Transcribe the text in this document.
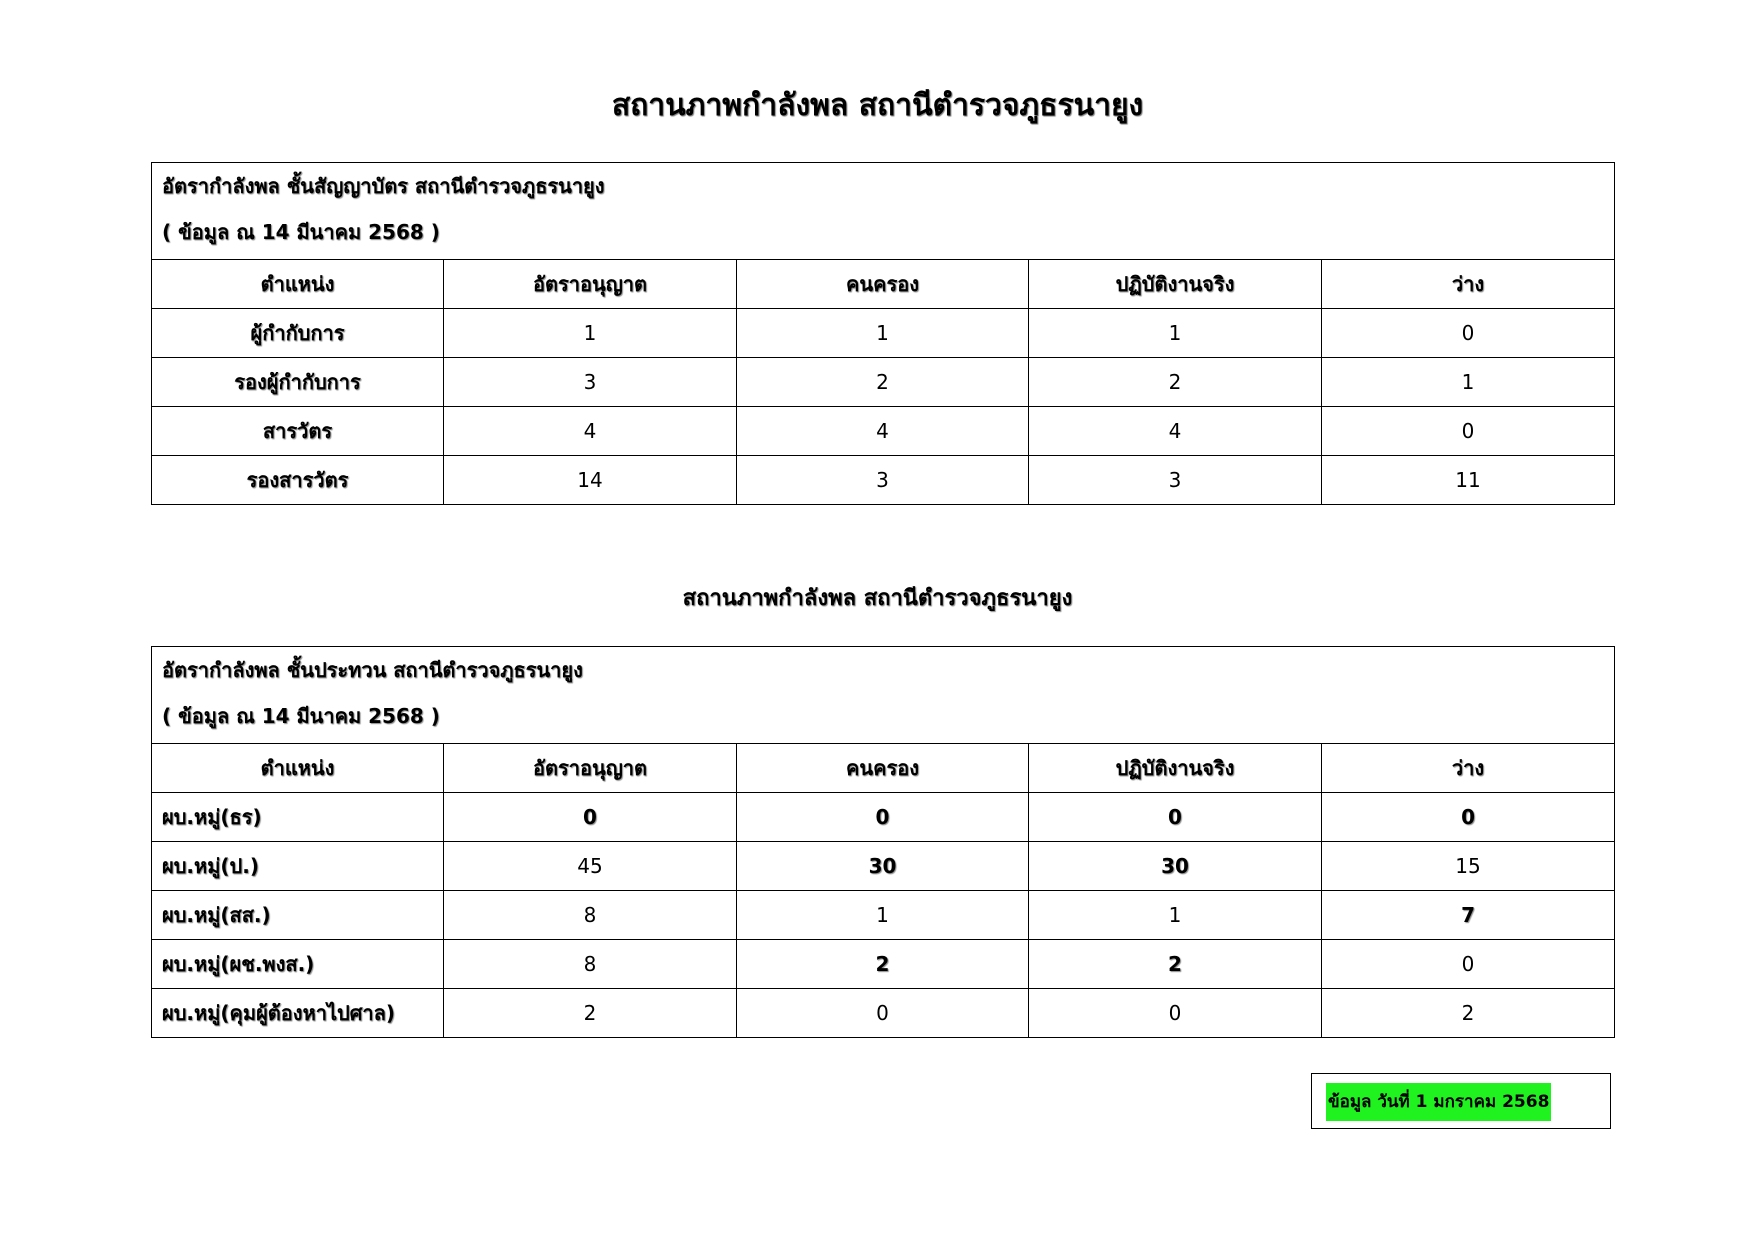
สถานภาพกำลังพล สถานีตำรวจภูธรนายูง
อัตรากำลังพล ชั้นสัญญาบัตร สถานีตำรวจภูธรนายูง
( ข้อมูล ณ 14 มีนาคม 2568 )				

ตำแหน่ง	อัตราอนุญาต	คนครอง	ปฏิบัติงานจริง	ว่าง
ผู้กำกับการ	1	1	1	0
รองผู้กำกับการ	3	2	2	1
สารวัตร	4	4	4	0
รองสารวัตร	14	3	3	11
สถานภาพกำลังพล สถานีตำรวจภูธรนายูง
อัตรากำลังพล ชั้นประทวน สถานีตำรวจภูธรนายูง
( ข้อมูล ณ 14 มีนาคม 2568 )				

ตำแหน่ง	อัตราอนุญาต	คนครอง	ปฏิบัติงานจริง	ว่าง
ผบ.หมู่(ธร)	0	0	0	0
ผบ.หมู่(ป.)	45	30	30	15
ผบ.หมู่(สส.)	8	1	1	7
ผบ.หมู่(ผช.พงส.)	8	2	2	0
ผบ.หมู่(คุมผู้ต้องหาไปศาล)	2	0	0	2
ข้อมูล วันที่ 1 มกราคม 2568
